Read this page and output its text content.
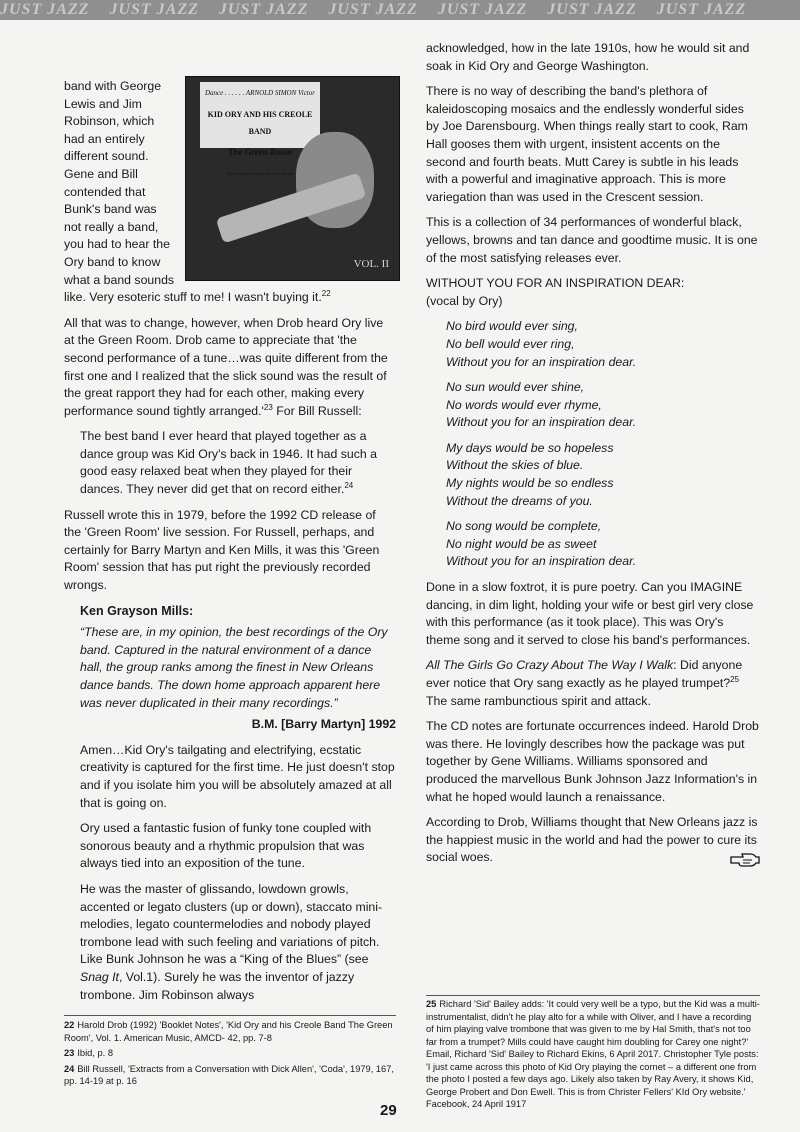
JUST JAZZ JUST JAZZ JUST JAZZ JUST JAZZ JUST JAZZ JUST JAZZ JUST JAZZ
Dance . . . . . . ARNOLD SIMON Victor
KID ORY AND HIS CREOLE BAND
The Green Room
Live from the Green Room, New Orleans
VOL. II

band with George Lewis and Jim Robinson, which had an entirely different sound. Gene and Bill contended that Bunk's band was not really a band, you had to hear the Ory band to know what a band sounds like. Very esoteric stuff to me! I wasn't buying it.$^{22}$

All that was to change, however, when Drob heard Ory live at the Green Room. Drob came to appreciate that 'the second performance of a tune…was quite different from the first one and I realized that the slick sound was the result of the great rapport they had for each other, making every performance sound tightly $arranged.'^{23}$ For Bill Russell:

The best band I ever heard that played together as a dance group was Kid Ory's back in 1946. It had such a good easy relaxed beat when they played for their dances. They never did get that on record either.$^{24}$

Russell wrote this in 1979, before the 1992 CD release of the 'Green Room' live session. For Russell, perhaps, and certainly for Barry Martyn and Ken Mills, it was this 'Green Room' session that has put right the previously recorded wrongs.

Ken Grayson Mills:

“These are, in my opinion, the best recordings of the Ory band. Captured in the natural environment of a dance hall, the group ranks among the finest in New Orleans dance bands. The down home approach apparent here was never duplicated in their many recordings.”

B.M. [Barry Martyn] 1992

Amen…Kid Ory's tailgating and electrifying, ecstatic creativity is captured for the first time. He just doesn't stop and if you isolate him you will be absolutely amazed at all that is going on.

Ory used a fantastic fusion of funky tone coupled with sonorous beauty and a rhythmic propulsion that was always tied into an exposition of the tune.

He was the master of glissando, lowdown growls, accented or legato clusters (up or down), staccato mini-melodies, legato countermelodies and nobody played trombone lead with such feeling and variations of pitch. Like Bunk Johnson he was a “King of the Blues” (see Snag It, Vol.1). Surely he was the inventor of jazzy trombone. Jim Robinson always

acknowledged, how in the late 1910s, how he would sit and soak in Kid Ory and George Washington.

There is no way of describing the band's plethora of kaleidoscoping mosaics and the endlessly wonderful sides by Joe Darensbourg. When things really start to cook, Ram Hall gooses them with urgent, insistent accents on the second and fourth beats. Mutt Carey is subtle in his leads with a powerful and imaginative approach. This is more variegation than was used in the Crescent session.

This is a collection of 34 performances of wonderful black, yellows, browns and tan dance and goodtime music. It is one of the most satisfying releases ever.

WITHOUT YOU FOR AN INSPIRATION DEAR:

(vocal by Ory)

No bird would ever sing,
No bell would ever ring,
Without you for an inspiration dear.
No sun would ever shine,
No words would ever rhyme,
Without you for an inspiration dear.
My days would be so hopeless
Without the skies of blue.
My nights would be so endless
Without the dreams of you.
No song would be complete,
No night would be as sweet
Without you for an inspiration dear.

Done in a slow foxtrot, it is pure poetry. Can you IMAGINE dancing, in dim light, holding your wife or best girl very close with this performance (as it took place). This was Ory's theme song and it served to close his band's performances.

All The Girls Go Crazy About The Way I Walk: Did anyone ever notice that Ory sang exactly as he played trumpet?$^{25}$ The same rambunctious spirit and attack.

The CD notes are fortunate occurrences indeed. Harold Drob was there. He lovingly describes how the package was put together by Gene Williams. Williams sponsored and produced the marvellous Bunk Johnson Jazz Information's in what he hoped would launch a renaissance.

According to Drob, Williams thought that New Orleans jazz is the happiest music in the world and had the power to cure its social woes.

22 Harold Drob (1992) 'Booklet Notes', 'Kid Ory and his Creole Band The Green Room', Vol. 1. American Music, AMCD- 42, pp. 7-8
23 Ibid, p. 8
24 Bill Russell, 'Extracts from a Conversation with Dick Allen', 'Coda', 1979, 167, pp. 14-19 at p. 16
25 Richard 'Sid' Bailey adds: 'It could very well be a typo, but the Kid was a multi-instrumentalist, didn't he play alto for a while with Oliver, and I have a recording of him playing valve trombone that was given to me by Hal Smith, that's not too far from a trumpet? Mills could have caught him doubling for Carey one night?' Email, Richard 'Sid' Bailey to Richard Ekins, 6 April 2017. Christopher Tyle posts: 'I just came across this photo of Kid Ory playing the cornet – a different one from the photo I posted a few days ago. Likely also taken by Ray Avery, it shows Kid, George Probert and Don Ewell. This is from Christer Fellers' KId Ory website.' Facebook, 24 April 1917
29
